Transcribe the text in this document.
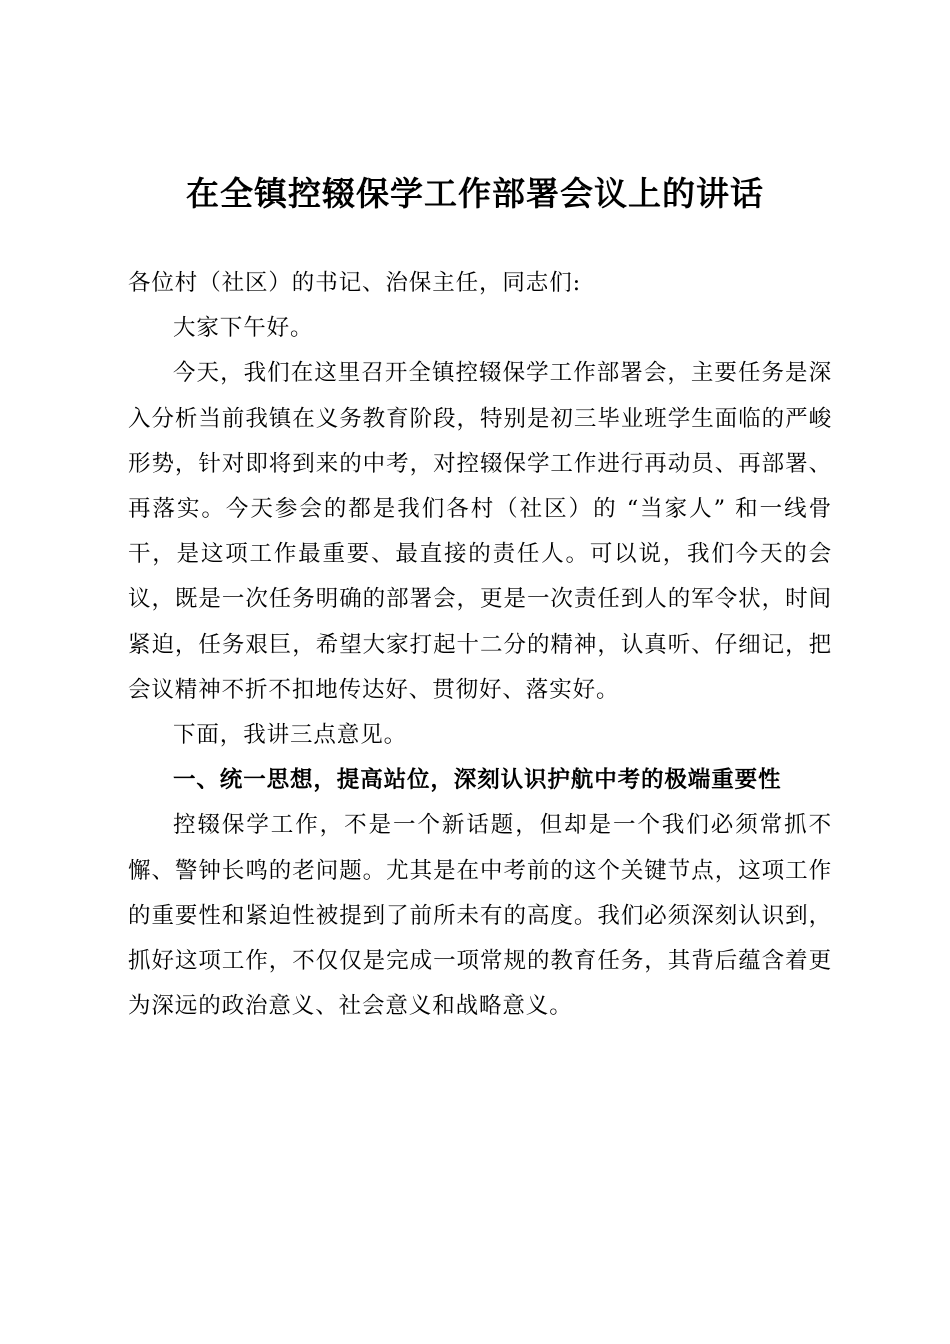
在全镇控辍保学工作部署会议上的讲话

各位村（社区）的书记、治保主任，同志们:

大家下午好。

今天，我们在这里召开全镇控辍保学工作部署会，主要任务是深入分析当前我镇在义务教育阶段，特别是初三毕业班学生面临的严峻形势，针对即将到来的中考，对控辍保学工作进行再动员、再部署、再落实。今天参会的都是我们各村（社区）的 “当家人” 和一线骨干，是这项工作最重要、最直接的责任人。可以说，我们今天的会议，既是一次任务明确的部署会，更是一次责任到人的军令状，时间紧迫，任务艰巨，希望大家打起十二分的精神，认真听、仔细记，把会议精神不折不扣地传达好、贯彻好、落实好。

下面，我讲三点意见。

一、统一思想，提高站位，深刻认识护航中考的极端重要性

控辍保学工作，不是一个新话题，但却是一个我们必须常抓不懈、警钟长鸣的老问题。尤其是在中考前的这个关键节点，这项工作的重要性和紧迫性被提到了前所未有的高度。我们必须深刻认识到，抓好这项工作，不仅仅是完成一项常规的教育任务，其背后蕴含着更为深远的政治意义、社会意义和战略意义。
